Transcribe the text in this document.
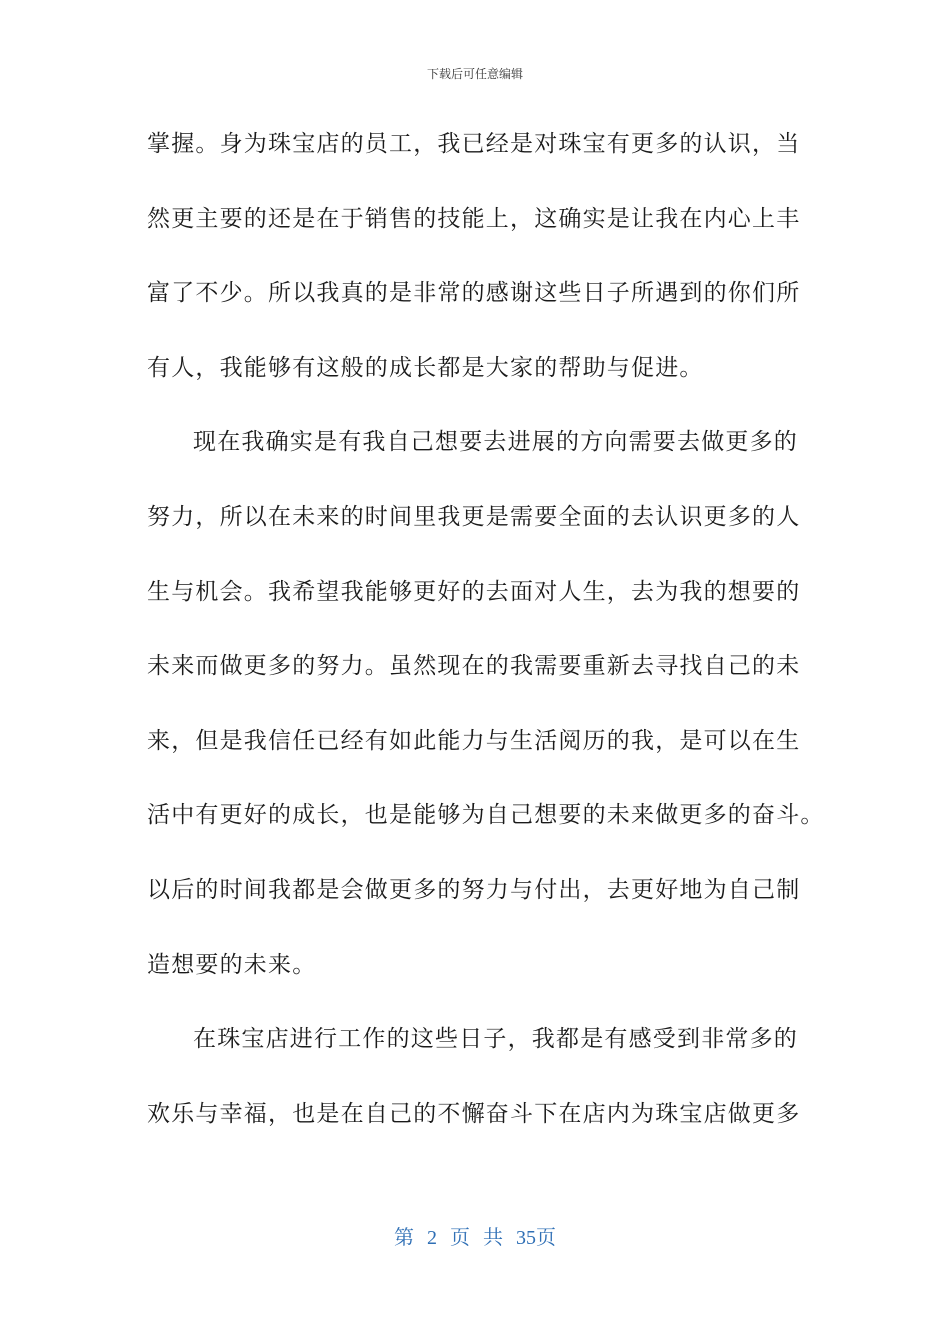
下载后可任意编辑
掌握。身为珠宝店的员工，我已经是对珠宝有更多的认识，当
然更主要的还是在于销售的技能上，这确实是让我在内心上丰
富了不少。所以我真的是非常的感谢这些日子所遇到的你们所
有人，我能够有这般的成长都是大家的帮助与促进。
现在我确实是有我自己想要去进展的方向需要去做更多的
努力，所以在未来的时间里我更是需要全面的去认识更多的人
生与机会。我希望我能够更好的去面对人生，去为我的想要的
未来而做更多的努力。虽然现在的我需要重新去寻找自己的未
来，但是我信任已经有如此能力与生活阅历的我，是可以在生
活中有更好的成长，也是能够为自己想要的未来做更多的奋斗。
以后的时间我都是会做更多的努力与付出，去更好地为自己制
造想要的未来。
在珠宝店进行工作的这些日子，我都是有感受到非常多的
欢乐与幸福，也是在自己的不懈奋斗下在店内为珠宝店做更多
第 2 页 共 35页
